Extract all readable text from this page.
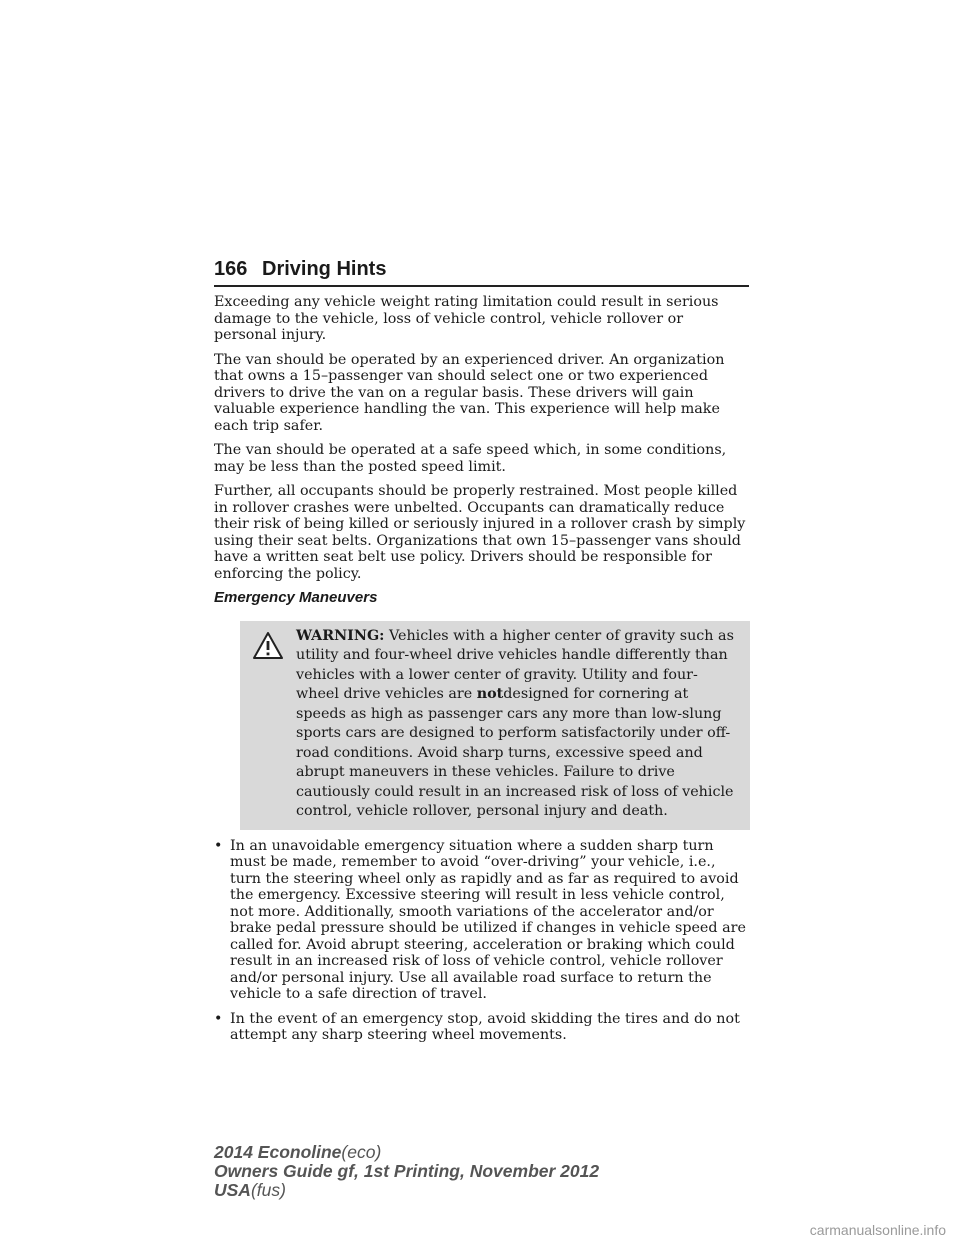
166 Driving Hints

Exceeding any vehicle weight rating limitation could result in serious damage to the vehicle, loss of vehicle control, vehicle rollover or personal injury.

The van should be operated by an experienced driver. An organization that owns a 15–passenger van should select one or two experienced drivers to drive the van on a regular basis. These drivers will gain valuable experience handling the van. This experience will help make each trip safer.

The van should be operated at a safe speed which, in some conditions, may be less than the posted speed limit.

Further, all occupants should be properly restrained. Most people killed in rollover crashes were unbelted. Occupants can dramatically reduce their risk of being killed or seriously injured in a rollover crash by simply using their seat belts. Organizations that own 15–passenger vans should have a written seat belt use policy. Drivers should be responsible for enforcing the policy.

Emergency Maneuvers
WARNING: Vehicles with a higher center of gravity such as utility and four-wheel drive vehicles handle differently than vehicles with a lower center of gravity. Utility and four-wheel drive vehicles are notdesigned for cornering at speeds as high as passenger cars any more than low-slung sports cars are designed to perform satisfactorily under off-road conditions. Avoid sharp turns, excessive speed and abrupt maneuvers in these vehicles. Failure to drive cautiously could result in an increased risk of loss of vehicle control, vehicle rollover, personal injury and death.
• In an unavoidable emergency situation where a sudden sharp turn must be made, remember to avoid “over-driving” your vehicle, i.e., turn the steering wheel only as rapidly and as far as required to avoid the emergency. Excessive steering will result in less vehicle control, not more. Additionally, smooth variations of the accelerator and/or brake pedal pressure should be utilized if changes in vehicle speed are called for. Avoid abrupt steering, acceleration or braking which could result in an increased risk of loss of vehicle control, vehicle rollover and/or personal injury. Use all available road surface to return the vehicle to a safe direction of travel.
• In the event of an emergency stop, avoid skidding the tires and do not attempt any sharp steering wheel movements.
2014 Econoline(eco)
Owners Guide gf, 1st Printing, November 2012
USA(fus)
carmanualsonline.info
